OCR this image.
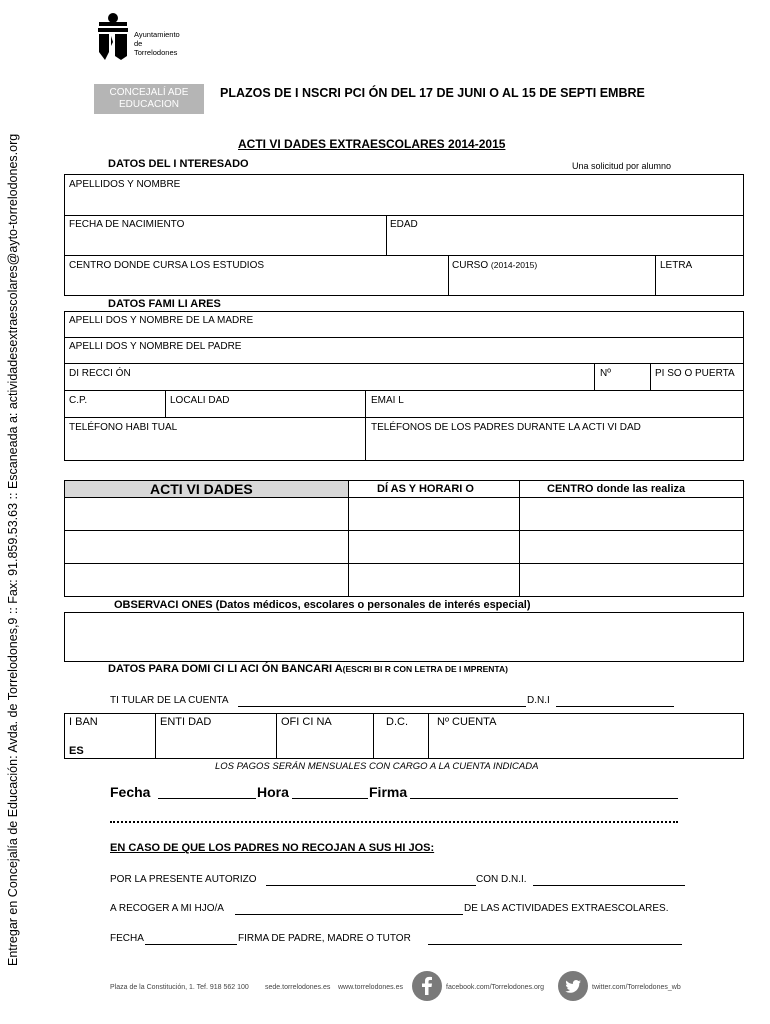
Entregar en Concejalía de Educación: Avda. de Torrelodones,9 :: Fax: 91.859.53.63 :: Escaneada a: actividadesextraescolares@ayto-torrelodones.org
Ayuntamiento
de
Torrelodones
CONCEJALÍ ADE
EDUCACION
PLAZOS DE I NSCRI PCI ÓN DEL 17 DE JUNI O AL 15 DE SEPTI EMBRE
ACTI VI DADES EXTRAESCOLARES 2014-2015
DATOS DEL I NTERESADO	Una solicitud por alumno
APELLIDOS Y NOMBRE
FECHA DE NACIMIENTO	EDAD
CENTRO DONDE CURSA LOS ESTUDIOS	CURSO (2014-2015)	LETRA
DATOS FAMI LI ARES
APELLI DOS Y NOMBRE DE LA MADRE
APELLI DOS Y NOMBRE DEL PADRE
DI RECCI ÓN	Nº	PI SO O PUERTA
C.P.	LOCALI DAD	EMAI L
TELÉFONO HABI TUAL	TELÉFONOS DE LOS PADRES DURANTE LA ACTI VI DAD
ACTI VI DADES	DÍ AS Y HORARI O	CENTRO donde las realiza
OBSERVACI ONES (Datos médicos, escolares o personales de interés especial)
DATOS PARA DOMI CI LI ACI ÓN BANCARI A(ESCRI BI R CON LETRA DE I MPRENTA)
TI TULAR DE LA CUENTA	D.N.I
I BAN
ES
ENTI DAD	OFI CI NA	D.C.	Nº CUENTA
LOS PAGOS SERÁN MENSUALES CON CARGO A LA CUENTA INDICADA
Fecha	Hora	Firma
EN CASO DE QUE LOS PADRES NO RECOJAN A SUS HI JOS:
POR LA PRESENTE AUTORIZO	CON D.N.I.
A RECOGER A MI HJO/A	DE LAS ACTIVIDADES EXTRAESCOLARES.
FECHA	FIRMA DE PADRE, MADRE O TUTOR
Plaza de la Constitución, 1. Tef. 918 562 100 sede.torrelodones.es www.torrelodones.es	facebook.com/Torrelodones.org	twitter.com/Torrelodones_wb
